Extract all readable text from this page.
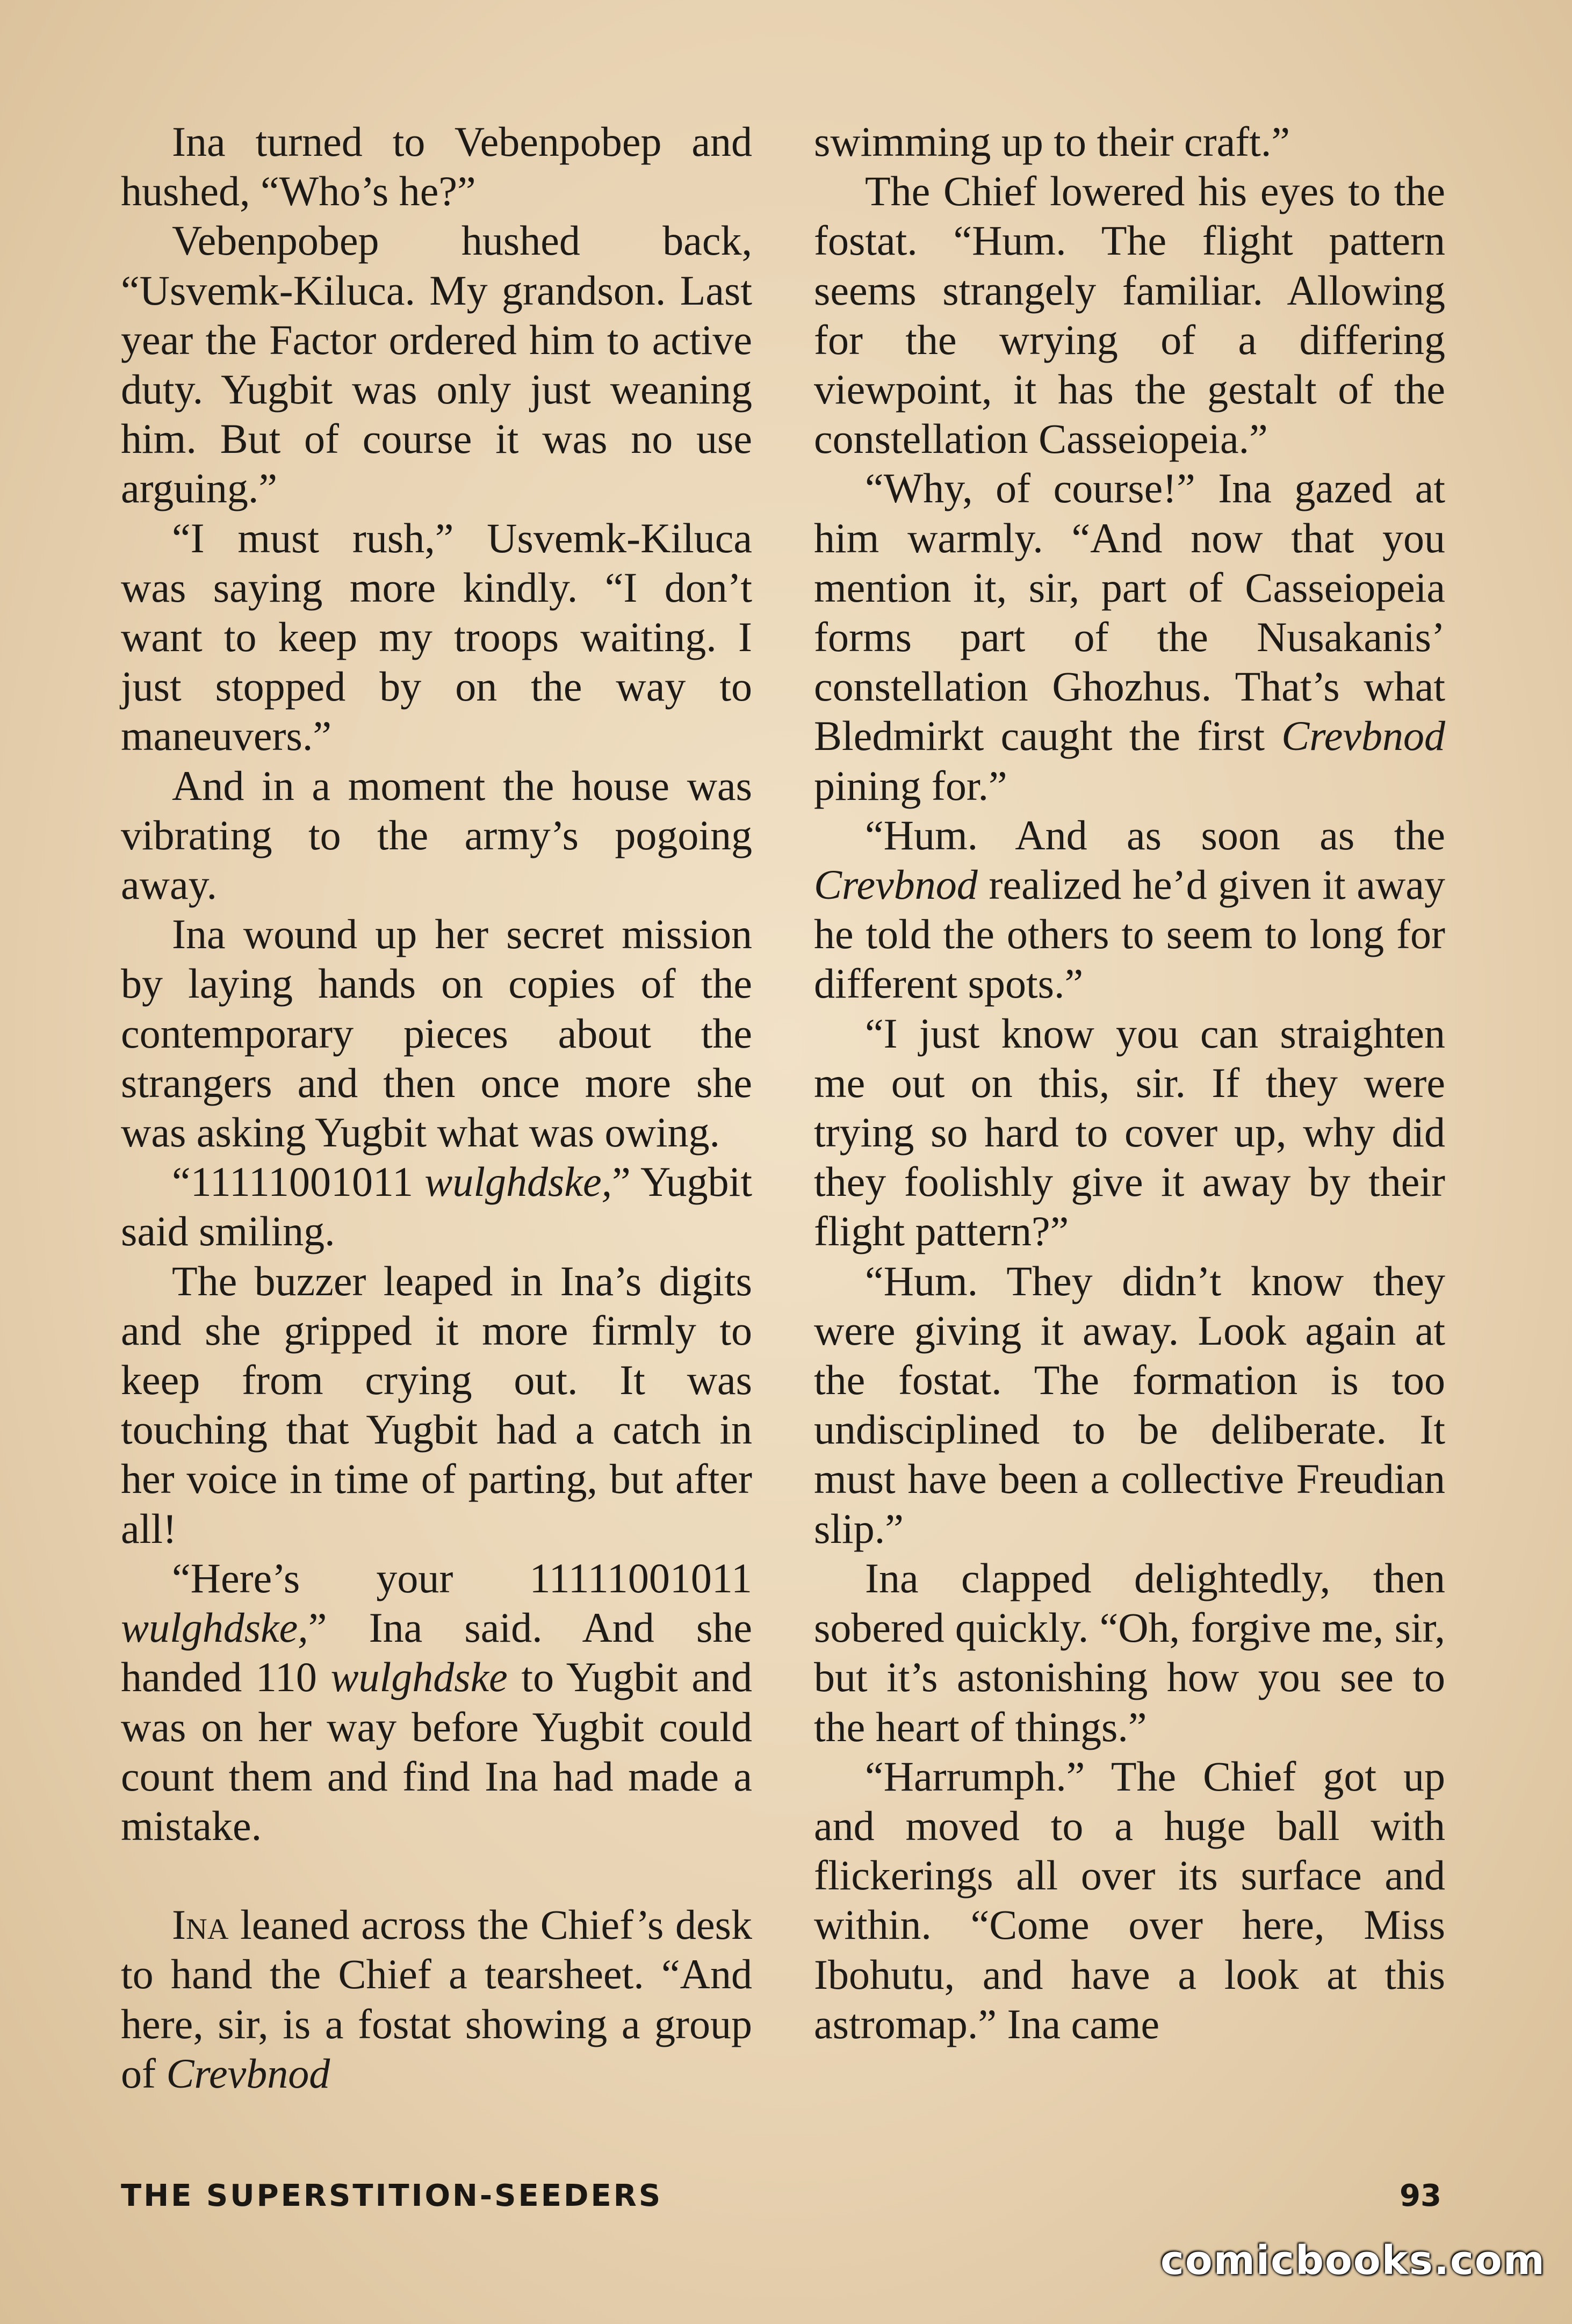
Ina turned to Vebenpobep and hushed, “Who’s he?”

Vebenpobep hushed back, “Usvemk-Kiluca. My grandson. Last year the Factor ordered him to active duty. Yugbit was only just weaning him. But of course it was no use arguing.”

“I must rush,” Usvemk-Kiluca was saying more kindly. “I don’t want to keep my troops waiting. I just stopped by on the way to maneuvers.”

And in a moment the house was vibrating to the army’s pogoing away.

Ina wound up her secret mission by laying hands on copies of the contemporary pieces about the strangers and then once more she was asking Yugbit what was owing.

“11111001011 wulghdske,” Yugbit said smiling.

The buzzer leaped in Ina’s digits and she gripped it more firmly to keep from crying out. It was touching that Yugbit had a catch in her voice in time of parting, but after all!

“Here’s your 11111001011 wulghdske,” Ina said. And she handed 110 wulghdske to Yugbit and was on her way before Yugbit could count them and find Ina had made a mistake.

Ina leaned across the Chief’s desk to hand the Chief a tearsheet. “And here, sir, is a fostat showing a group of Crevbnod

swimming up to their craft.”

The Chief lowered his eyes to the fostat. “Hum. The flight pattern seems strangely familiar. Allowing for the wrying of a differing viewpoint, it has the gestalt of the constellation Casseiopeia.”

“Why, of course!” Ina gazed at him warmly. “And now that you mention it, sir, part of Casseiopeia forms part of the Nusakanis’ constellation Ghozhus. That’s what Bledmirkt caught the first Crevbnod pining for.”

“Hum. And as soon as the Crevbnod realized he’d given it away he told the others to seem to long for different spots.”

“I just know you can straighten me out on this, sir. If they were trying so hard to cover up, why did they foolishly give it away by their flight pattern?”

“Hum. They didn’t know they were giving it away. Look again at the fostat. The formation is too undisciplined to be deliberate. It must have been a collective Freudian slip.”

Ina clapped delightedly, then sobered quickly. “Oh, forgive me, sir, but it’s astonishing how you see to the heart of things.”

“Harrumph.” The Chief got up and moved to a huge ball with flickerings all over its surface and within. “Come over here, Miss Ibohutu, and have a look at this astromap.” Ina came

THE SUPERSTITION-SEEDERS	93
comicbooks.com
